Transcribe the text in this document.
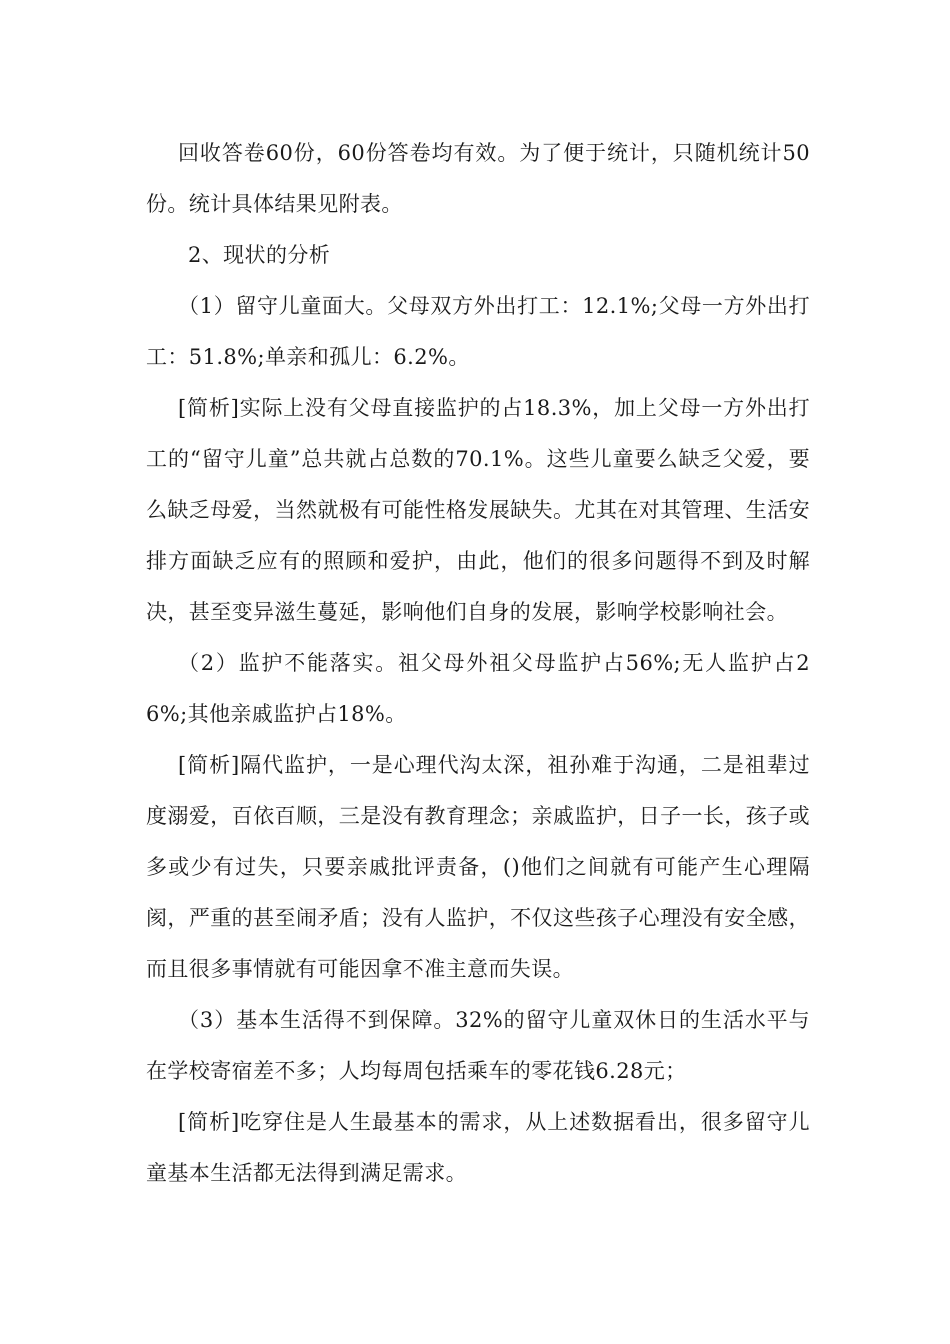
回收答卷60份，60份答卷均有效。为了便于统计，只随机统计50份。统计具体结果见附表。

2、现状的分析

（1）留守儿童面大。父母双方外出打工：12.1%;父母一方外出打工：51.8%;单亲和孤儿：6.2%。

[简析]实际上没有父母直接监护的占18.3%，加上父母一方外出打工的“留守儿童”总共就占总数的70.1%。这些儿童要么缺乏父爱，要么缺乏母爱，当然就极有可能性格发展缺失。尤其在对其管理、生活安排方面缺乏应有的照顾和爱护，由此，他们的很多问题得不到及时解决，甚至变异滋生蔓延，影响他们自身的发展，影响学校影响社会。

（2）监护不能落实。祖父母外祖父母监护占56%;无人监护占26%;其他亲戚监护占18%。

[简析]隔代监护，一是心理代沟太深，祖孙难于沟通，二是祖辈过度溺爱，百依百顺，三是没有教育理念；亲戚监护，日子一长，孩子或多或少有过失，只要亲戚批评责备，()他们之间就有可能产生心理隔阂，严重的甚至闹矛盾；没有人监护，不仅这些孩子心理没有安全感，而且很多事情就有可能因拿不准主意而失误。

（3）基本生活得不到保障。32%的留守儿童双休日的生活水平与在学校寄宿差不多；人均每周包括乘车的零花钱6.28元；

[简析]吃穿住是人生最基本的需求，从上述数据看出，很多留守儿童基本生活都无法得到满足需求。
